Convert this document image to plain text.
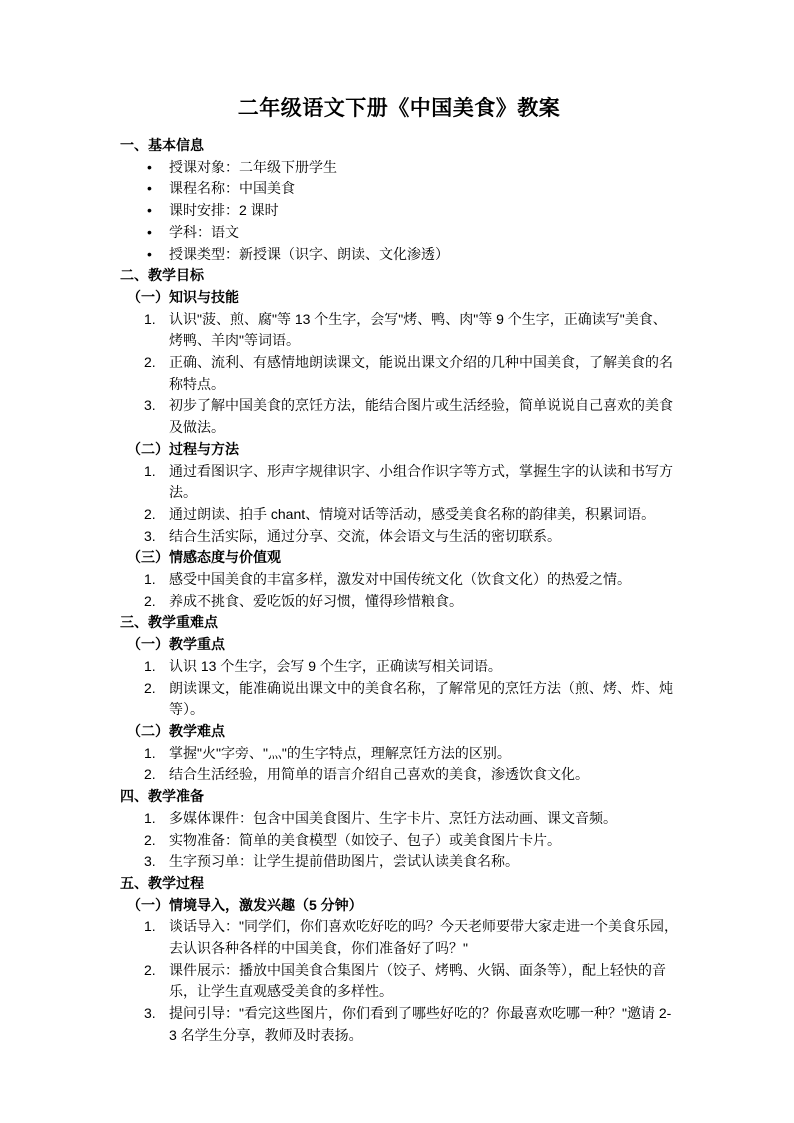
二年级语文下册《中国美食》教案
一、基本信息
• 授课对象：二年级下册学生
• 课程名称：中国美食
• 课时安排：2 课时
• 学科：语文
• 授课类型：新授课（识字、朗读、文化渗透）
二、教学目标
（一）知识与技能
认识"菠、煎、腐"等 13 个生字，会写"烤、鸭、肉"等 9 个生字，正确读写"美食、烤鸭、羊肉"等词语。
正确、流利、有感情地朗读课文，能说出课文介绍的几种中国美食，了解美食的名称特点。
初步了解中国美食的烹饪方法，能结合图片或生活经验，简单说说自己喜欢的美食及做法。
（二）过程与方法
通过看图识字、形声字规律识字、小组合作识字等方式，掌握生字的认读和书写方法。
通过朗读、拍手 chant、情境对话等活动，感受美食名称的韵律美，积累词语。
结合生活实际，通过分享、交流，体会语文与生活的密切联系。
（三）情感态度与价值观
感受中国美食的丰富多样，激发对中国传统文化（饮食文化）的热爱之情。
养成不挑食、爱吃饭的好习惯，懂得珍惜粮食。
三、教学重难点
（一）教学重点
认识 13 个生字，会写 9 个生字，正确读写相关词语。
朗读课文，能准确说出课文中的美食名称，了解常见的烹饪方法（煎、烤、炸、炖等）。
（二）教学难点
掌握"火"字旁、"灬"的生字特点，理解烹饪方法的区别。
结合生活经验，用简单的语言介绍自己喜欢的美食，渗透饮食文化。
四、教学准备
多媒体课件：包含中国美食图片、生字卡片、烹饪方法动画、课文音频。
实物准备：简单的美食模型（如饺子、包子）或美食图片卡片。
生字预习单：让学生提前借助图片，尝试认读美食名称。
五、教学过程
（一）情境导入，激发兴趣（5 分钟）
谈话导入："同学们，你们喜欢吃好吃的吗？今天老师要带大家走进一个美食乐园，去认识各种各样的中国美食，你们准备好了吗？"
课件展示：播放中国美食合集图片（饺子、烤鸭、火锅、面条等），配上轻快的音乐，让学生直观感受美食的多样性。
提问引导："看完这些图片，你们看到了哪些好吃的？你最喜欢吃哪一种？"邀请 2-3 名学生分享，教师及时表扬。
